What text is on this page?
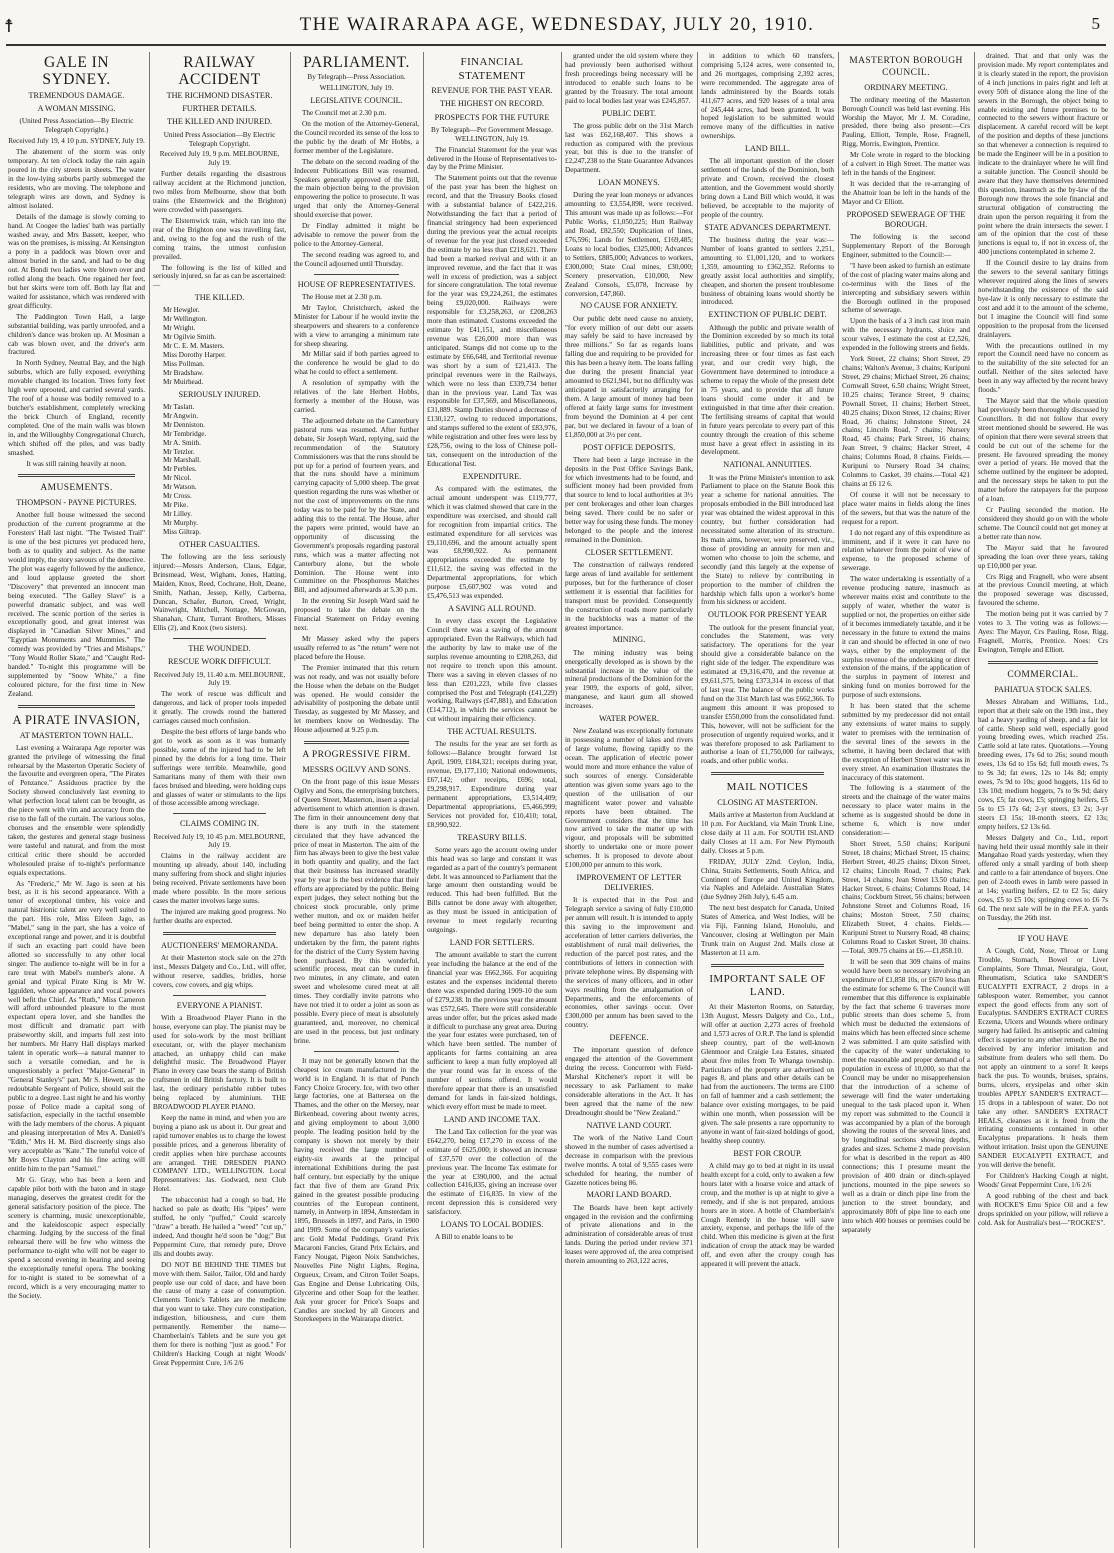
☨	THE WAIRARAPA AGE, WEDNESDAY, JULY 20, 1910.	5
GALE IN SYDNEY.
TREMENDOUS DAMAGE.
A WOMAN MISSING.

(United Press Association—By Electric Telegraph Copyright.)

Received July 19, 4 10 p.m. SYDNEY, July 19.

The abatement of the storm was only temporary. At ten o'clock today the rain again poured in the city streets in sheets. The water in the low-lying suburbs partly submerged the residents, who are moving. The telephone and telegraph wires are down, and Sydney is almost isolated.

Details of the damage is slowly coming to hand. At Coogee the ladies' bath was partially washed away, and Mrs Bassett, keeper, who was on the premises, is missing. At Kensington a pony in a paddock was blown over and almost buried in the sand, and had to be dug out. At Bondi two ladies were blown over and rolled along the beach. One regained her feet, but her skirts were torn off. Both lay flat and waited for assistance, which was rendered with great difficulty.

The Paddington Town Hall, a large substantial building, was partly unroofed, and a children's dance was broken up. At Mosman a cab was blown over, and the driver's arm fractured.

In North Sydney, Neutral Bay, and the high suburbs, which are fully exposed, everything movable changed its location. Trees forty feet high were uprooted, and carried several yards. The roof of a house was bodily removed to a butcher's establishment, completely wrecking the brick Church of England, recently completed. One of the main walls was blown in, and the Willoughby Congregational Church, which shifted off the piles, and was badly smashed.

It was still raining heavily at noon.

AMUSEMENTS.
THOMPSON - PAYNE PICTURES.

Another full house witnessed the second production of the current programme at the Foresters' Hall last night. "The Twisted Trail" is one of the best pictures yet produced here, both as to quality and subject. As the name would imply, the story savours of the detective. The plot was eagerly followed by the audience, and loud applause greeted the short "Discovery" that prevented an innocent man being executed. "The Galley Slave" is a powerful dramatic subject, and was well received. The scenic portion of the series is exceptionally good, and great interest was displayed in "Canadian Silver Mines," and "Egyptian Monuments and Mummies." The comedy was provided by "Tries and Mishaps," "Tony Would Roller Skate," and "Caught Red-handed." To-night this programme will be supplemented by "Snow White," a fine coloured picture, for the first time in New Zealand.

A PIRATE INVASION,
AT MASTERTON TOWN HALL.

Last evening a Wairarapa Age reporter was granted the privilege of witnessing the final rehearsal by the Masterton Operatic Society of the favourite and evergreen opera, "The Pirates of Penzance." Assiduous practice by the Society showed conclusively last evening to what perfection local talent can be brought, as the piece went with vim and accuracy from the rise to the fall of the curtain. The various solos, choruses and the ensemble were splendidly taken, the gestures and general stage business were tasteful and natural, and from the most critical critic there should be accorded wholesouled praise of to-night's performance equals expectations.

As "Frederic," Mr W. Jago is seen at his best, as it is his second appearance. With a tenor of exceptional timbre, his voice and natural histrionic talent are very well suited to the part. His role, Miss Eileen Jago, as "Mabel," sang in the part, she has a voice of exceptional range and power, and it is doubtful if such an exacting part could have been allotted so successfully to any other local singer. The audience to-night will be in for a rare treat with Mabel's number's alone. A genial and typical Pirate King is Mr W. Iggulden, whose appearance and vocal powers well befit the Chief. As "Ruth," Miss Cameron will afford unbounded pleasure to the most expectant opera lover, and she handles the most difficult and dramatic part with praiseworthy skill, and imparts full zest into her numbers. Mr Harry Hall displays marked talent in operatic work—a natural manner to such a versatile comedian, and he is unquestionably a perfect "Major-General" in "General Stanley's" part. Mr S. Hewett, as the redoubtable Sergeant of Police, should suit the public to a degree. Last night he and his worthy posse of Police made a capital song of satisfaction, especially in the tactful ensemble with the lady members of the chorus. A piquant and pleasing interpretation of Mrs A. Daniell's "Edith," Mrs H. M. Bird discreetly sings also very acceptable as "Kate." The tuneful voice of Mr Boyes Clayton and his fine acting will entitle him to the part "Samuel."

Mr G. Gray, who has been a keen and capable pilot both with the baton and in stage managing, deserves the greatest credit for the general satisfactory position of the piece. The scenery is charming, music unexceptionable, and the kaleidoscopic aspect especially charming. Judging by the success of the final rehearsal there will be few who witness the performance to-night who will not be eager to spend a second evening in hearing and seeing the exceptionally tuneful opera. The booking for to-night is stated to be somewhat of a record, which is a very encouraging matter to the Society.

RAILWAY ACCIDENT
THE RICHMOND DISASTER.
FURTHER DETAILS.
THE KILLED AND INJURED.

United Press Association—By Electric Telegraph Copyright.

Received July 19, 9 p.m. MELBOURNE, July 19.

Further details regarding the disastrous railway accident at the Richmond junction, two miles from Melbourne, show that both trains (the Elsternwick and the Brighton) were crowded with passengers.

The Elsternwick train, which ran into the rear of the Brighton one was travelling fast, and, owing to the fog and the rush of the coming trains, the utmost confusion prevailed.

The following is the list of killed and seriously injured, so far as can be ascertained:—

THE KILLED.
Mr Hewgler.
Mr Wellington.
Mr Wright.
Mr Ogilvie Smith.
Mr C. E. M. Masters.
Miss Dorothy Harper.
Miss Pollman.
Mr Bradshaw.
Mr Muirhead.
SERIOUSLY INJURED.
Mr Taslatt.
Mr Angwin.
Mr Denniston.
Mr Tembridge.
Mr A. Smith.
Mr Tetzler.
Mr Marshall.
Mr Perbles.
Mr Nicol.
Mr Watson.
Mr Cross.
Mr Pike.
Mr Lilley.
Mr Murphy.
Miss Giltrap.
OTHER CASUALTIES.

The following are the less seriously injured:—Messrs Anderson, Claus, Edgar, Brinsmead, West, Wigham, Jones, Hatting, Maiden, Knox, Reed, Cochrane, Holt, Deane, Smith, Nathan, Jessep, Kelly, Carberna, Duncan, Schafer, Burton, Creed, Wright, Wainwright, Mitchell, Nottage, McGowan, Shanahan, Chant, Turrant Brothers, Misses Ellis (2), and Knox (two sisters).

THE WOUNDED.
RESCUE WORK DIFFICULT.

Received July 19, 11.40 a.m. MELBOURNE, July 19.

The work of rescue was difficult and dangerous, and lack of proper tools impeded it greatly. The crowds round the battered carriages caused much confusion.

Despite the best efforts of large bands who got to work as soon as it was humanly possible, some of the injured had to be left pinned by the debris for a long time. Their sufferings were terrible. Meanwhile, good Samaritans many of them with their own faces bruised and bleeding, were holding cups and glasses of water or stimulants to the lips of those accessible among wreckage.

CLAIMS COMING IN.

Received July 19, 10 45 p.m. MELBOURNE, July 19.

Claims in the railway accident are mounting up already, about 140, including many suffering from shock and slight injuries being received. Private settlements have been made where possible. In the more serious cases the matter involves large sums.

The injured are making good progress. No further deaths are expected.

AUCTIONEERS' MEMORANDA.

At their Masterton stock sale on the 27th inst., Messrs Dalgety and Co., Ltd., will offer, without reserve, saddles, bridles, horse covers, cow covers, and gig whips.

EVERYONE A PIANIST.

With a Broadwood Player Piano in the house, everyone can play. The pianist may be used for solo-work by the most brilliant executant, or, with the player mechanism attached, an unhappy child can make delightful music. The Broadwood Player Piano in every case bears the stamp of British craftsmen in old British factory. It is built to last, the ordinary perishable rubber tubes being replaced by aluminium. THE BROADWOOD PLAYER PIANO.

Keep the name in mind, and when you are buying a piano ask us about it. Our great and rapid turnover enables us to charge the lowest possible prices, and a generous liberality of credit applies when hire purchase accounts are arranged. THE DRESDEN PIANO COMPANY LTD., WELLINGTON. Local Representatives: Jas. Godward, next Club Hotel.

The tobacconist had a cough so bad, He hacked so pale as death; His "pipes" were stuffed, he only "puffed," Could scarcely "draw" a breath. He hailed a "weed" "cut up," indeed, And thought he'd soon be "dog;" But Peppermint Cure, that remedy pure, Drove ills and doubts away.

DO NOT BE BEHIND THE TIMES but move with them. Sailor, Tailor, Old and hardy people use our cold of dace, and have been the cause of many a case of consumption. Clements Tonic's Tablets are the medicine that you want to take. They cure constipation, indigestion, biliousness, and cure them permanently. Remember the name—Chamberlain's Tablets and be sure you get them for there is nothing "just as good." For Children's Hacking Cough at night Woods' Great Peppermint Cure, 1/6 2/6

PARLIAMENT.

By Telegraph—Press Association.

WELLINGTON, July 19.

LEGISLATIVE COUNCIL.

The Council met at 2.30 p.m.

On the motion of the Attorney-General, the Council recorded its sense of the loss to the public by the death of Mr Hobbs, a former member of the Legislature.

The debate on the second reading of the Indecent Publications Bill was resumed. Speakers generally approved of the Bill, the main objection being to the provision empowering the police to prosecute. It was urged that only the Attorney-General should exercise that power.

Dr Findlay admitted it might be advisable to remove the power from the police to the Attorney-General.

The second reading was agreed to, and the Council adjourned until Thursday.

HOUSE OF REPRESENTATIVES.

The House met at 2.30 p.m.

Mr Taylor, Christchurch, asked the Minister for Labour if he would invite the shearpowers and shearers to a conference with a view to arranging a minimum rate for sheep shearing.

Mr Millar said if both parties agreed to the conference he would be glad to do what he could to effect a settlement.

A resolution of sympathy with the relatives of the late Herbert Hobbs, formerly a member of the House, was carried.

The adjourned debate on the Canterbury pastoral runs was resumed. After further debate, Sir Joseph Ward, replying, said the recommendation of the Statutory Commissioners was that the runs should be put up for a period of fourteen years, and that the runs should have a minimum carrying capacity of 5,000 sheep. The great question regarding the runs was whether or not the cost of improvements on the runs today was to be paid for by the State, and adding this to the rental. The House, after the papers were printed, would have an opportunity of discussing the Government's proposals regarding pastoral runs, which was a matter affecting not Canterbury alone, but the whole Dominion. The House went into Committee on the Phosphorous Matches Bill, and adjourned afterwards at 5.30 p.m.

In the evening Sir Joseph Ward said he proposed to take the debate on the Financial Statement on Friday evening next.

Mr Massey asked why the papers usually referred to as "the return" were not placed before the House.

The Premier intimated that this return was not ready, and was not usually before the House when the debate on the Budget was opened. He would consider the advisability of postponing the debate until Tuesday, as suggested by Mr Massey, and let members know on Wednesday. The House adjourned at 9.25 p.m.

A PROGRESSIVE FIRM.
MESSRS OGILVY AND SONS.

On the front page of this issue Messrs Ogilvy and Sons, the enterprising butchers, of Queen Street, Masterton, insert a special advertisement to which attention is drawn. The firm in their announcement deny that there is any truth in the statement circulated that they have advanced the price of meat in Masterton. The aim of the firm has always been to give the best value in both quantity and quality, and the fact that their business has increased steadily year by year is the best evidence that their efforts are appreciated by the public. Being expert judges, they select nothing but the choicest stock procurable, only prime wether mutton, and ox or maiden heifer beef being permitted to enter the shop. A new departure has also lately been undertaken by the firm, the patent rights for the district of the Curry System having been purchased. By this wonderful, scientific process, meat can be cured in two minutes, in any climate, and eaten sweet and wholesome cured meat at all times. They cordially invite patrons who have not tried it to order a joint as soon as possible. Every piece of meat is absolutely guaranteed, and, moreover, no chemical are used in the process, but just ordinary brine.

It may not be generally known that the cheapest ice cream manufactured in the world is in England. It is that of Punch Fancy Choice Grocery. Ice, with two other large factories, one at Battersea on the Thames, and the other on the Mersey, near Birkenhead, covering about twenty acres, and giving employment to about 3,000 people. The leading position held by the company is shown not merely by their having received the large number of eighty-six awards at the principal international Exhibitions during the past half century, but especially by the unique fact that five of them are Grand Prix gained in the greatest possible producing countries of the European continent, namely, in Antwerp in 1894, Amsterdam in 1895, Brussels in 1897, and Paris, in 1900 and 1909. Some of the company's varieties are: Gold Medal Puddings, Grand Prix Macaroni Fancies, Grand Prix Eclairs, and Fancy Nougat, Pigeon Noix Sandwiches, Nouvelles Pine Night Lights, Regina, Orgueux, Cream, and Citron Toilet Soaps, Gas Engine and Dense Lubricating Oils, Glycerine and other Soap for the leather. Ask your grocer for Price's Soaps and Candles are stocked by all Grocers and Storekeepers in the Wairarapa district.

FINANCIAL STATEMENT
REVENUE FOR THE PAST YEAR.
THE HIGHEST ON RECORD.
PROSPECTS FOR THE FUTURE

By Telegraph—Per Government Message. WELLINGTON, July 19.

The Financial Statement for the year was delivered in the House of Representatives to-day by the Prime Minister.

The Statement points out that the revenue of the past year has been the highest on record, and that the Treasury Books closed with a substantial balance of £422,216. Notwithstanding the fact that a period of financial stringency had been experienced during the previous year the actual receipts of revenue for the year just closed exceeded the estimate by no less than £218,621. There had been a marked revival and with it an improved revenue, and the fact that it was well in excess of prediction, was a subject for sincere congratulation. The total revenue for the year was £9,224,261, the estimates being £9,020,000. Railways were responsible for £3,258,263, or £208,263 more than estimated. Customs exceeded the estimate by £41,151, and miscellaneous revenue was £26,000 more than was anticipated. Stamps did not come up to the estimate by £66,648, and Territorial revenue was short by a sum of £21,413. The principal revenues were in the Railways, which were no less than £339,734 better than in the previous year. Land Tax was responsible for £37,569, and Miscellaneous, £31,889. Stamp Duties showed a decrease of £130,127, owing to reduced importations, and stamps suffered to the extent of £83,976, while registration and other fees were less by £28,756, owing to the loss of Chinese poll-tax, consequent on the introduction of the Educational Test.

EXPENDITURE.

As compared with the estimates, the actual amount underspent was £119,777, which it was claimed showed that care in the expenditure was exercised, and should call for recognition from impartial critics. The estimated expenditure for all services was £9,110,696, and the amount actually spent was £8,990,922. As permanent appropriations exceeded the estimate by £11,612, the saving was effected in the Departmental appropriations, for which purpose £5,607,902 was voted and £5,476,513 was expended.

A SAVING ALL ROUND.

In every class except the Legislative Council there was a saving of the amount appropriated. Even the Railways, which had the authority by law to make use of the surplus revenue amounting to £208,263, did not require to trench upon this amount. There was a saving in eleven classes of no less than £201,223, while five classes comprised the Post and Telegraph (£41,229) working, Railways (£47,881), and Education (£14,712), in which the services cannot be cut without impairing their efficiency.

THE ACTUAL RESULTS.

The results for the year are set forth as follows:—Balance brought forward 1st April, 1909, £184,321; receipts during year, revenue, £9,177,110; National endowments, £67,142; other receipts, £696; total, £9,298,917. Expenditure during year permanent appropriations, £3,514,409; Departmental appropriations, £5,466,999; Services not provided for, £10,410; total, £8,990,922.

TREASURY BILLS.

Some years ago the account owing under this head was so large and constant it was regarded as a part of the country's permanent debt. It was announced to Parliament that the large amount then outstanding would be reduced. This had been fulfilled. But the Bills cannot be done away with altogether, as they must be issued in anticipation of revenue to meet regularly recurring outgoings.

LAND FOR SETTLERS.

The amount available to start the current year including the balance at the end of the financial year was £662,366. For acquiring estates and the expenses incidental thereto there was expended during 1909-10 the sum of £279,238. In the previous year the amount was £572,645. There were still considerable areas under offer, but the prices asked made it difficult to purchase any great area. During the year four estates were purchased, ten of which have been settled. The number of applicants for farms containing an area sufficient to keep a man fully employed all the year round was far in excess of the number of sections offered. It would therefore appear that there is an unsatisfied demand for lands in fair-sized holdings, which every effort must be made to meet.

LAND AND INCOME TAX.

The Land Tax collection for the year was £642,270, being £17,270 in excess of the estimate of £625,000; it showed an increase of £37,570 over the collection of the previous year. The Income Tax estimate for the year at £390,000, and the actual collection £416,835, giving an increase over the estimate of £16,835. In view of the recent depression this is considered very satisfactory.

LOANS TO LOCAL BODIES.

A Bill to enable loans to be

granted under the old system where they had previously been authorised without fresh proceedings being necessary will be introduced to enable such loans to be granted by the Treasury. The total amount paid to local bodies last year was £245,857.

PUBLIC DEBT.

The gross public debt on the 31st March last was £62,168,407. This shows a reduction as compared with the previous year, but this is due to the transfer of £2,247,238 to the State Guarantee Advances Department.

LOAN MONEYS.

During the year loan moneys or advances amounting to £3,554,898, were received. This amount was made up as follows:—For Public Works, £1,050,225; Hutt Railway and Road, £82,550; Duplication of lines, £76,596; Lands for Settlement, £169,485; Loans to local bodies, £325,000; Advances to Settlers, £885,000; Advances to workers, £300,000; State Coal mines, £30,000; Scenery preservation, £10,000, New Zealand Consols, £5,078, Increase by conversion, £47,860.

NO CAUSE FOR ANXIETY.

Our public debt need cause no anxiety, "for every million of our debt our assets may safely be said to have increased by three millions." So far as regards loans falling due and requiring to be provided for this has been a heavy item. The loans falling due during the present financial year amounted to £621,941, but no difficulty was anticipated in satisfactorily arranging for them. A large amount of money had been offered at fairly large sums for investment from beyond the Dominion at 4 per cent par, but we declared in favour of a loan of £1,850,000 at 3½ per cent.

POST OFFICE DEPOSITS.

There had been a large increase in the deposits in the Post Office Savings Bank, for which investments had to be found, and sufficient money had been provided from that source to lend to local authorities at 3½ per cent brokerages and other loan charges being saved. There could be no safer or better way for using these funds. The money belonged to the people and the interest remained in the Dominion.

CLOSER SETTLEMENT.

The construction of railways rendered large areas of land available for settlement purposes, but for the furtherance of closer settlement it is essential that facilities for transport must be provided. Consequently the construction of roads more particularly in the backblocks was a matter of the greatest importance.

MINING.

The mining industry was being energetically developed as is shown by the substantial increase in the value of the mineral productions of the Dominion for the year 1909, the exports of gold, silver, manganese, and kauri gum all showed increases.

WATER POWER.

New Zealand was exceptionally fortunate in possessing a number of lakes and rivers of large volume, flowing rapidly to the ocean. The application of electric power would more and more enhance the value of such sources of energy. Considerable attention was given some years ago to the question of the utilisation of our magnificent water power and valuable reports have been obtained. The Government considers that the time has now arrived to take the matter up with vigour, and proposals will be submitted shortly to undertake one or more power schemes. It is proposed to devote about £100,000 per annum to this work.

IMPROVEMENT OF LETTER DELIVERIES.

It is expected that in the Post and Telegraph service a saving of fully £10,000 per annum will result. It is intended to apply this saving to the improvement and acceleration of letter carriers deliveries, the establishment of rural mail deliveries, the reduction of the parcel post rates, and the contributions of letters in connection with private telephone wires. By dispensing with the services of many officers, and in other ways resulting from the amalgamation of Departments, and the enforcements of economies, other savings occur. Over £300,000 per annum has been saved to the country.

DEFENCE.

The important question of defence engaged the attention of the Government during the recess. Concurrent with Field-Marshal Kitchener's report it will be necessary to ask Parliament to make considerable alterations in the Act. It has been agreed that the name of the new Dreadnought should be "New Zealand."

NATIVE LAND COURT.

The work of the Native Land Court showed in the number of cases advertised a decrease in comparison with the previous twelve months. A total of 9,555 cases were scheduled for hearing, the number of Gazette notices being 86.

MAORI LAND BOARD.

The Boards have been kept actively engaged in the revision and the confirming of private alienations and in the administration of considerable areas of trust lands. During the period under review 371 leases were approved of, the area comprised therein amounting to 263,122 acres,

in addition to which 60 transfers, comprising 5,124 acres, were consented to, and 26 mortgages, comprising 2,392 acres, were recommended. The aggregate area of lands administered by the Boards totals 411,677 acres, and 920 leases of a total area of 245,444 acres, had been granted. It was hoped legislation to be submitted would remove many of the difficulties in native ownerships.

LAND BILL.

The all important question of the closer settlement of the lands of the Dominion, both private and Crown, received the closest attention, and the Government would shortly bring down a Land Bill which would, it was believed, be acceptable to the majority of people of the country.

STATE ADVANCES DEPARTMENT.

The business during the year was:—Number of loans granted to settlers 2,251, amounting to £1,001,120, and to workers 1,359, amounting to £362,352. Reforms to greatly assist local authorities and simplify, cheapen, and shorten the present troublesome business of obtaining loans would shortly be introduced.

EXTINCTION OF PUBLIC DEBT.

Although the public and private wealth of the Dominion exceeded by so much its total liabilities, public and private, and was increasing three or four times as fast each year, and our credit very high, the Government have determined to introduce a scheme to repay the whole of the present debt in 75 years, and to provide that all future loans should come under it and be extinguished in that time after their creation. The fertilising streams of capital that would in future years percolate to every part of this country through the creation of this scheme must have a great effect in assisting in its development.

NATIONAL ANNUITIES.

It was the Prime Minister's intention to ask Parliament to place on the Statute Book this year a scheme for national annuities. The proposals embodied in the Bill introduced last year was obtained the widest approval in this country, but further consideration had necessitated some alteration of its structure. Its main aims, however, were preserved, viz., those of providing an annuity for men and women who choose to join the scheme, and secondly (and this largely at the expense of the State) to relieve by contributing in proportion to the number of children the hardship which falls upon a worker's home from his sickness or accident.

OUTLOOK FOR PRESENT YEAR

The outlook for the present financial year, concludes the Statement, was very satisfactory. The operations for the year should give a considerable balance on the right side of the ledger. The expenditure was estimated at £9,316,470, and the revenue at £9,611,575, being £373,314 in excess of that of last year. The balance of the public works fund on the 31st March last was £662,366. To augment this amount it was proposed to transfer £550,000 from the consolidated fund. This, however, will not be sufficient for the prosecution of urgently required works, and it was therefore proposed to ask Parliament to authorise a loan of £1,750,000 for railways, roads, and other public works.

MAIL NOTICES
CLOSING AT MASTERTON.

Mails arrive at Masterton from Auckland at 10 p.m. For Auckland, via Main Trunk Line, close daily at 11 a.m. For SOUTH ISLAND daily Closes at 11 a.m. For New Plymouth daily. Closes at 5 p.m.

FRIDAY, JULY 22nd. Ceylon, India, China, Straits Settlements, South Africa, and Continent of Europe and United Kingdom, via Naples and Adelaide. Australian States (due Sydney 26th July), 6.45 a.m.

The next best despatch for Canada, United States of America, and West Indies, will be via Fiji, Fanning Island, Honolulu, and Vancouver, closing at Wellington per Main Trunk train on August 2nd. Mails close at Masterton at 11 a.m.

IMPORTANT SALE OF LAND.

At their Masterton Rooms, on Saturday, 13th August, Messrs Dalgety and Co., Ltd., will offer at auction 2,273 acres of freehold and 1,573 acres of O.R.P. The land is splendid sheep country, part of the well-known Glenmoor and Craigie Lea Estates, situated about five miles from Te Whanga township. Particulars of the property are advertised on pages 8, and plans and other details can be had from the auctioneers. The terms are £100 on fall of hammer and a cash settlement; the balance over existing mortgages, to be paid within one month, when possession will be given. The sale presents a rare opportunity to anyone in want of fair-sized holdings of good, healthy sheep country.

BEST FOR CROUP.

A child may go to bed at night in its usual health except for a cold, only to awaken a few hours later with a hoarse voice and attack of croup, and the mother is up at night to give a remedy, and if she is not prepared, anxious hours are in store. A bottle of Chamberlain's Cough Remedy in the house will save anxiety, expense, and perhaps the life of the child. When this medicine is given at the first indication of croup the attack may be warded off, and even after the croupy cough has appeared it will prevent the attack.

MASTERTON BOROUGH COUNCIL.
ORDINARY MEETING.

The ordinary meeting of the Masterton Borough Council was held last evening. His Worship the Mayor, Mr J. M. Coradine, presided, there being also present:—Crs Pauling, Elliott, Temple, Rose, Fragnell, Rigg, Morris, Ewington, Prentice.

Mr Cole wrote in regard to the blocking of a culvert in High Street. The matter was left in the hands of the Engineer.

It was decided that the re-arranging of the Abattoir loan be left in the hands of the Mayor and Cr Elliott.

PROPOSED SEWERAGE OF THE BOROUGH.

The following is the second Supplementary Report of the Borough Engineer, submitted to the Council:—

"I have been asked to furnish an estimate of the cost of placing water mains along and co-terminus with the lines of the intercepting and subsidiary sewers within the Borough outlined in the proposed scheme of sewerage.

Upon the basis of a 3 inch cast iron main with the necessary hydrants, sluice and scour valves, I estimate the cost at £2,526, expended in the following streets and fields.

York Street, 22 chains; Short Street, 29 chains; Walton's Avenue, 3 chains; Kuripuni Street, 29 chains; Michael Street, 26 chains; Cornwall Street, 6.50 chains; Wright Street, 10.25 chains; Terance Street, 9 chains; Pownall Street, 11 chains; Herbert Street, 40.25 chains; Dixon Street, 12 chains; River Road, 36 chains; Johnstone Street, 24 chains; Lincoln Road, 7 chains; Nursery Road, 45 chains; Park Street, 16 chains; Jean Street, 9 chains; Hacker Street, 4 chains; Columns Road, 8 chains. Fields.—Kuripuni to Nursery Road 34 chains; Columns to Casket, 39 chains.—Total 421 chains at £6 12 6.

Of course it will not be necessary to place water mains in fields along the lines of the sewers, but that was the nature of the request for a report.

I do not regard any of this expenditure as imminent, and if it were it can have no relation whatever from the point of view of expense, to the proposed scheme of sewerage.

The water undertaking is essentially of a revenue producing nature, inasmuch as wherever mains exist and contribute to the supply of water, whether the water is supplied or not, the properties on either side of it becomes immediately taxable, and it be necessary in the future to extend the mains it can and should be effected in one of two ways, either by the employment of the surplus revenue of the undertaking or direct extension of the mains, if the application of the surplus in payment of interest and sinking fund on monies borrowed for the purpose of such extensions.

It has been stated that the scheme submitted by my predecessor did not entail any extensions of water mains to supply water to premises with the termination of the several lines of the sewers in the scheme, it having been declared that with the exception of Herbert Street water was in every street. An examination illustrates the inaccuracy of this statement.

The following is a statement of the streets and the chainage of the water mains necessary to place water mains in the scheme as is suggested should be done in scheme 6, which is now under consideration:—

Short Street, 5.50 chains; Kuripuni Street, 18 chains; Michael Street, 15 chains; Herbert Street, 40.25 chains; Dixon Street, 12 chains; Lincoln Road, 7 chains; Park Street, 14 chains; Jean Street 13.50 chains; Hacker Street, 6 chains; Columns Road, 14 chains; Cockburn Street, 56 chains; between Johnstone Street and Columns Road, 16 chains; Moston Street, 7.50 chains; Elizabeth Street, 4 chains. Fields.—Kuripuni Street to Nursery Road, 48 chains; Columns Road to Casket Street, 30 chains.—Total, 309.75 chains at £6.—£1,858.10.

It will be seen that 309 chains of mains would have been so necessary involving an expenditure of £1,858 10s, or £670 less than the estimate for scheme 6. The Council will remember that this difference is explainable by the fact that scheme 6 traverses more public streets than does scheme 5, from which must be deducted the extensions of mains which has been effected since scheme 2 was submitted. I am quite satisfied with the capacity of the water undertaking to meet the reasonable and proper demand of a population in excess of 10,000, so that the Council may be under no misapprehension that the introduction of a scheme of sewerage will find the water undertaking unequal to the task placed upon it. When my report was submitted to the Council it was accompanied by a plan of the borough showing the routes of the several lines, and by longitudinal sections showing depths, grades and sizes. Scheme 2 made provision for what is described in the report as 400 connections; this I presume meant the provision of 400 drain or dinch-splayed junctions, mounted in the pipe sewers so well as a drain or dinch pipe line from the junction to the street boundary, and approximately 80ft of pipe line to each one into which 400 houses or premises could be separately

drained. That and that only was the provision made. My report contemplates and it is clearly stated in the report, the provision of 4 inch junctions in pairs right and left at every 50ft of distance along the line of the sewers in the Borough, the object being to enable existing and future premises to be connected to the sewers without fracture or displacement. A careful record will be kept of the position and depths of these junctions so that whenever a connection is required to be made the Engineer will be in a position to indicate to the drainlayer where he will find a suitable junction. The Council should be aware that they have themselves determined this question, inasmuch as the by-law of the Borough now throws the sole financial and structural obligation of constructing the drain upon the person requiring it from the point where the drain intersects the sewer. I am of the opinion that the cost of these junctions is equal to, if not in excess of, the 400 junctions contemplated in scheme 2.

If the Council desire to lay drains from the sewers to the several sanitary fittings wherever required along the lines of sewers notwithstanding the existence of the said bye-law it is only necessary to estimate the cost and add it to the amount of the scheme, but I imagine the Council will find some opposition to the proposal from the licensed drainlayers.

With the precautions outlined in my report the Council need have no concern as to the suitability of the site selected for an outfall. Neither of the sites selected have been in any way affected by the recent heavy floods."

The Mayor said that the whole question had previously been thoroughly discussed by Councillors. It did not follow that every street mentioned should be sewered. He was of opinion that there were several streets that could be cut out of the scheme for the present. He favoured spreading the money over a period of years. He moved that the scheme outlined by the engineer be adopted, and the necessary steps be taken to put the matter before the ratepayers for the purpose of a loan.

Cr Pauling seconded the motion. He considered they should go on with the whole scheme. The Council could not get money at a better rate than now.

The Mayor said that he favoured spreading the loan over three years, taking up £10,000 per year.

Crs Rigg and Fragnell, who were absent at the previous Council meeting, at which the proposed sewerage was discussed, favoured the scheme.

The motion being put it was carried by 7 votes to 3. The voting was as follows:—Ayes: The Mayor, Crs Pauling, Rose, Rigg, Fragnell, Morris, Prentice. Noes: Crs Ewington, Temple and Elliott.

COMMERCIAL.
PAHIATUA STOCK SALES.

Messrs Abraham and Williams, Ltd., report that at their sale on the 19th inst., they had a heavy yarding of sheep, and a fair lot of cattle. Sheep sold well, especially good young breeding ewes, which reached 25s. Cattle sold at late rates. Quotations.—Young breeding ewes, 17s 6d to 26s; sound mouth ewes, 13s 6d to 15s 6d; full mouth ewes, 7s to 9s 3d; fat ewes, 12s to 14s 8d; empty ewes, 7s 9d to 10s; good hoggets, 11s 6d to 13s 10d; medium hoggets, 7s to 9s 9d; dairy cows, £5; fat cows, £5; springing heifers, £5 5s to £5 17s 6d; 2-yr steers, £3 2s; 3-yr steers £3 15s; 18-month steers, £2 13s; empty heifers, £2 13s 6d.

Messrs Dalgety and Co., Ltd., report having held their usual monthly sale in their Mangahao Road yards yesterday, when they offered only a small yarding of both sheep and cattle to a fair attendance of buyers. One pen of 2-tooth ewes in lamb were passed in at 14s; yearling heifers, £2 to £2 5s; dairy cows, £5 to £5 10s; springing cows to £6 7s 6d. The next sale will be in the P.F.A. yards on Tuesday, the 26th inst.

IF YOU HAVE

A Cough, Cold, Nose, Throat or Lung Trouble, Stomach, Bowel or Liver Complaints, Sore Throat, Neuralgia, Gout, Rheumatism, Sciatica take SANDER'S EUCALYPTI EXTRACT, 2 drops in a tablespoon water. Remember, you cannot expect the good effects from any sort of Eucalyptus. SANDER'S EXTRACT CURES Eczema, Ulcers and Wounds where ordinary surgery had failed. Its antiseptic and calming effect is superior to any other remedy. Be not deceived by any inferior imitation and substitute from dealers who sell them. Do not apply an ointment to a sore! It keeps back the pus. To wounds, bruises, sprains, burns, ulcers, erysipelas and other skin troubles APPLY SANDER'S EXTRACT—15 drops in a tablespoon of water. Do not take any other. SANDER'S EXTRACT HEALS, cleanses as it is freed from the irritating constituents contained in other Eucalyptus preparations. It heals them without irritation. Insist upon the GENUINE SANDER EUCALYPTI EXTRACT, and you will derive the benefit.

For Children's Hacking Cough at night, Woods' Great Peppermint Cure, 1/6 2/6

A good rubbing of the chest and back with ROCKE'S Emu Spice Oil and a few drops sprinkled on your pillow, will relieve a cold. Ask for Australia's best—"ROCKE'S".
